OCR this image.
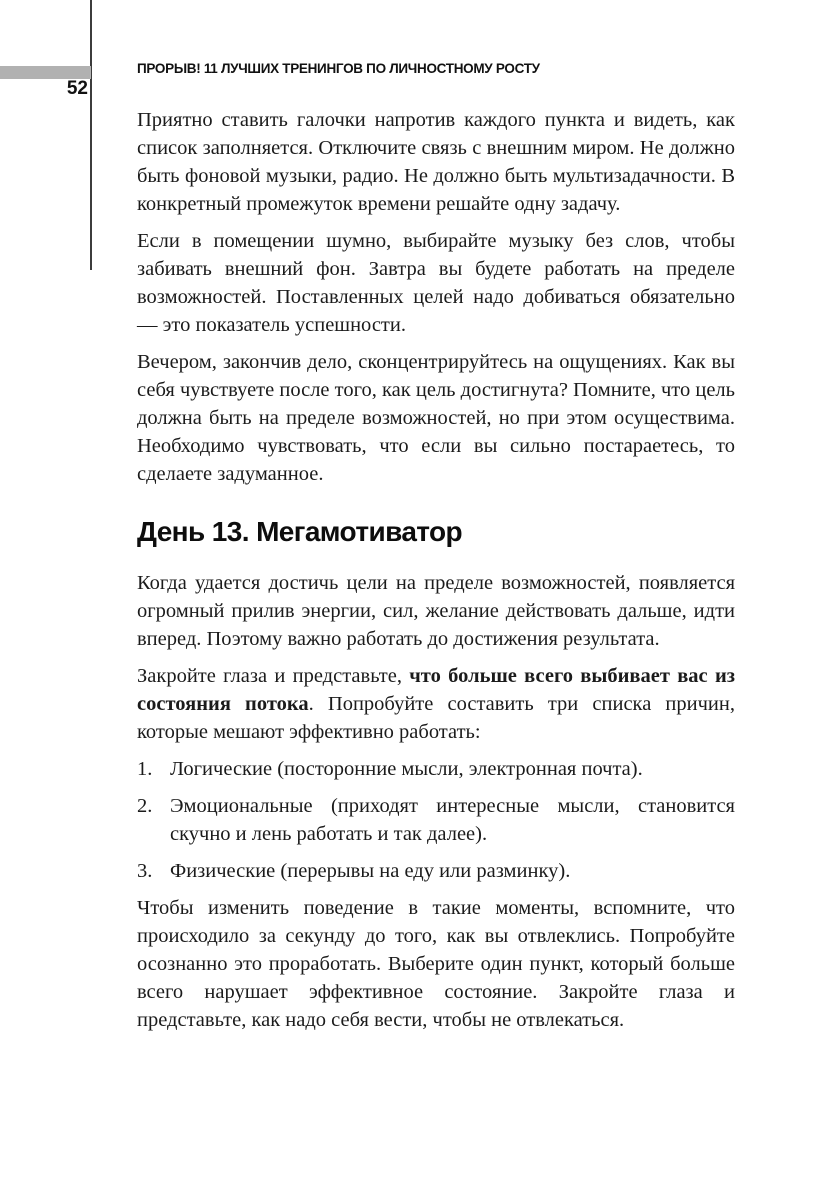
52
ПРОРЫВ! 11 ЛУЧШИХ ТРЕНИНГОВ ПО ЛИЧНОСТНОМУ РОСТУ

Приятно ставить галочки напротив каждого пункта и видеть, как список заполняется. Отключите связь с внешним миром. Не должно быть фоновой музыки, радио. Не должно быть мультизадачности. В конкретный промежуток времени решайте одну задачу.

Если в помещении шумно, выбирайте музыку без слов, чтобы забивать внешний фон. Завтра вы будете работать на пределе возможностей. Поставленных целей надо добиваться обязательно — это показатель успешности.

Вечером, закончив дело, сконцентрируйтесь на ощущениях. Как вы себя чувствуете после того, как цель достигнута? Помните, что цель должна быть на пределе возможностей, но при этом осуществима. Необходимо чувствовать, что если вы сильно постараетесь, то сделаете задуманное.

День 13. Мегамотиватор

Когда удается достичь цели на пределе возможностей, появляется огромный прилив энергии, сил, желание действовать дальше, идти вперед. Поэтому важно работать до достижения результата.

Закройте глаза и представьте, что больше всего выбивает вас из состояния потока. Попробуйте составить три списка причин, которые мешают эффективно работать:

1. Логические (посторонние мысли, электронная почта).
2. Эмоциональные (приходят интересные мысли, становится скучно и лень работать и так далее).
3. Физические (перерывы на еду или разминку).

Чтобы изменить поведение в такие моменты, вспомните, что происходило за секунду до того, как вы отвлеклись. Попробуйте осознанно это проработать. Выберите один пункт, который больше всего нарушает эффективное состояние. Закройте глаза и представьте, как надо себя вести, чтобы не отвлекаться.
